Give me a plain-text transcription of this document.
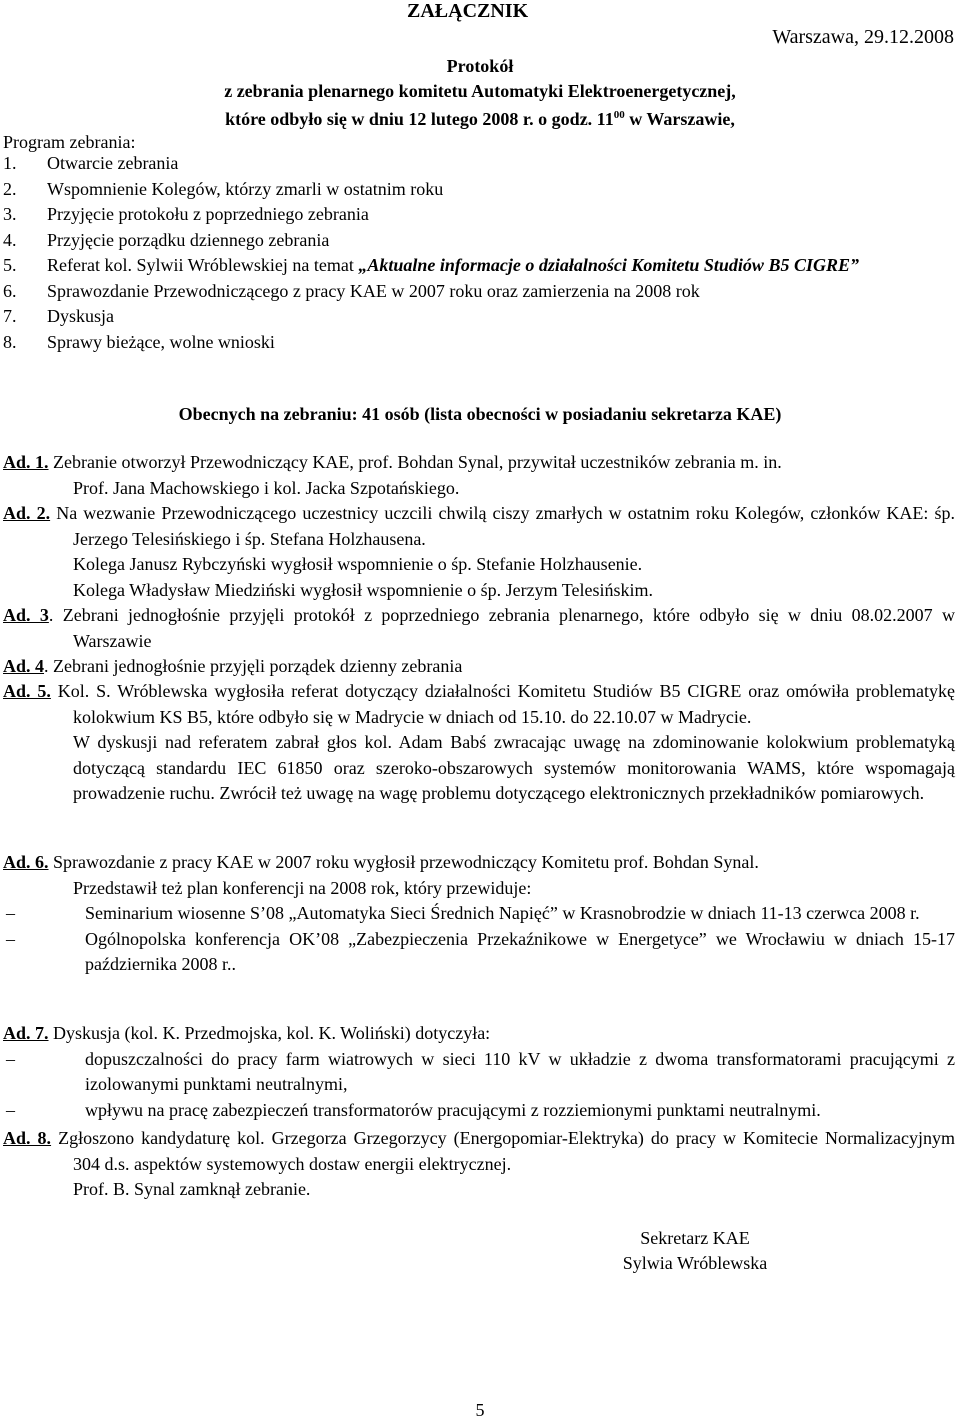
ZAŁĄCZNIK
Warszawa, 29.12.2008
Protokół
z zebrania plenarnego komitetu Automatyki Elektroenergetycznej,
które odbyło się w dniu 12 lutego 2008 r. o godz. $11^{00}$ w Warszawie,
Program zebrania:
1.	Otwarcie zebrania
2.	Wspomnienie Kolegów, którzy zmarli w ostatnim roku
3.	Przyjęcie protokołu z poprzedniego zebrania
4.	Przyjęcie porządku dziennego zebrania
5.	Referat kol. Sylwii Wróblewskiej na temat „Aktualne informacje o działalności Komitetu Studiów B5 CIGRE”
6.	Sprawozdanie Przewodniczącego z pracy KAE w 2007 roku oraz zamierzenia na 2008 rok
7.	Dyskusja
8.	Sprawy bieżące, wolne wnioski
Obecnych na zebraniu: 41 osób (lista obecności w posiadaniu sekretarza KAE)

Ad. 1. Zebranie otworzył Przewodniczący KAE, prof. Bohdan Synal, przywitał uczestników zebrania m. in.

Prof. Jana Machowskiego i kol. Jacka Szpotańskiego.

Ad. 2. Na wezwanie Przewodniczącego uczestnicy uczcili chwilą ciszy zmarłych w ostatnim roku Kolegów, członków KAE: śp. Jerzego Telesińskiego i śp. Stefana Holzhausena.

Kolega Janusz Rybczyński wygłosił wspomnienie o śp. Stefanie Holzhausenie.

Kolega Władysław Miedziński wygłosił wspomnienie o śp. Jerzym Telesińskim.

Ad. 3. Zebrani jednogłośnie przyjęli protokół z poprzedniego zebrania plenarnego, które odbyło się w dniu 08.02.2007 w Warszawie

Ad. 4. Zebrani jednogłośnie przyjęli porządek dzienny zebrania

Ad. 5. Kol. S. Wróblewska wygłosiła referat dotyczący działalności Komitetu Studiów B5 CIGRE oraz omówiła problematykę kolokwium KS B5, które odbyło się w Madrycie w dniach od 15.10. do 22.10.07 w Madrycie.

W dyskusji nad referatem zabrał głos kol. Adam Babś zwracając uwagę na zdominowanie kolokwium problematyką dotyczącą standardu IEC 61850 oraz szeroko-obszarowych systemów monitorowania WAMS, które wspomagają prowadzenie ruchu. Zwrócił też uwagę na wagę problemu dotyczącego elektronicznych przekładników pomiarowych.

Ad. 6. Sprawozdanie z pracy KAE w 2007 roku wygłosił przewodniczący Komitetu prof. Bohdan Synal.

Przedstawił też plan konferencji na 2008 rok, który przewiduje:

–	Seminarium wiosenne S’08 „Automatyka Sieci Średnich Napięć” w Krasnobrodzie w dniach 11-13 czerwca 2008 r.
–	Ogólnopolska konferencja OK’08 „Zabezpieczenia Przekaźnikowe w Energetyce” we Wrocławiu w dniach 15-17 października 2008 r..

Ad. 7. Dyskusja (kol. K. Przedmojska, kol. K. Woliński) dotyczyła:

–	dopuszczalności do pracy farm wiatrowych w sieci 110 kV w układzie z dwoma transformatorami pracującymi z izolowanymi punktami neutralnymi,
–	wpływu na pracę zabezpieczeń transformatorów pracującymi z rozziemionymi punktami neutralnymi.

Ad. 8. Zgłoszono kandydaturę kol. Grzegorza Grzegorzycy (Energopomiar-Elektryka) do pracy w Komitecie Normalizacyjnym 304 d.s. aspektów systemowych dostaw energii elektrycznej.

Prof. B. Synal zamknął zebranie.

Sekretarz KAE
Sylwia Wróblewska
5
